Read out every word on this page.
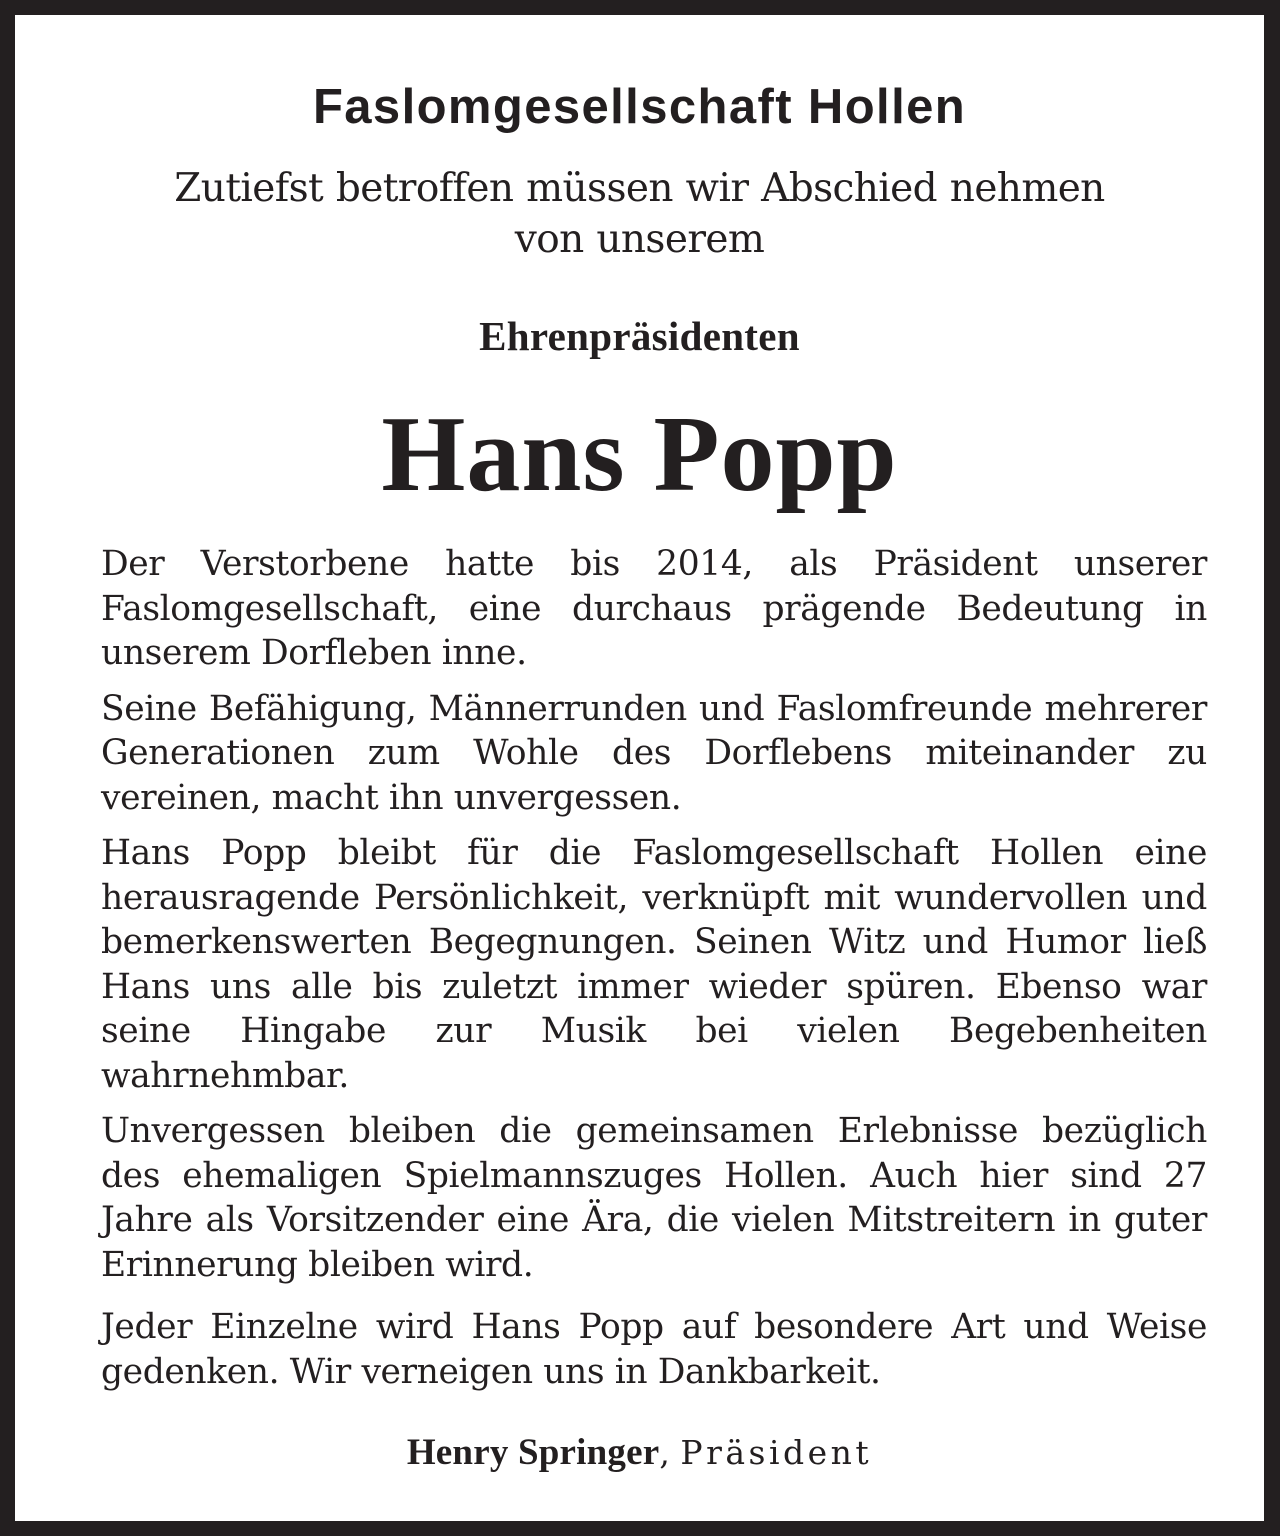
Faslomgesellschaft Hollen
Zutiefst betroffen müssen wir Abschied nehmen
von unserem
Ehrenpräsidenten
Hans Popp

Der Verstorbene hatte bis 2014, als Präsident unserer Faslomgesellschaft, eine durchaus prägende Bedeutung in unserem Dorfleben inne.

Seine Befähigung, Männerrunden und Faslomfreunde mehrerer Generationen zum Wohle des Dorflebens miteinander zu vereinen, macht ihn unvergessen.

Hans Popp bleibt für die Faslomgesellschaft Hollen eine herausragende Persönlichkeit, verknüpft mit wundervollen und bemerkenswerten Begegnungen. Seinen Witz und Humor ließ Hans uns alle bis zuletzt immer wieder spüren. Ebenso war seine Hingabe zur Musik bei vielen Begebenheiten wahrnehmbar.

Unvergessen bleiben die gemeinsamen Erlebnisse bezüglich des ehemaligen Spielmannszuges Hollen. Auch hier sind 27 Jahre als Vorsitzender eine Ära, die vielen Mitstreitern in guter Erinnerung bleiben wird.

Jeder Einzelne wird Hans Popp auf besondere Art und Weise gedenken. Wir verneigen uns in Dankbarkeit.

Henry Springer, Präsident
